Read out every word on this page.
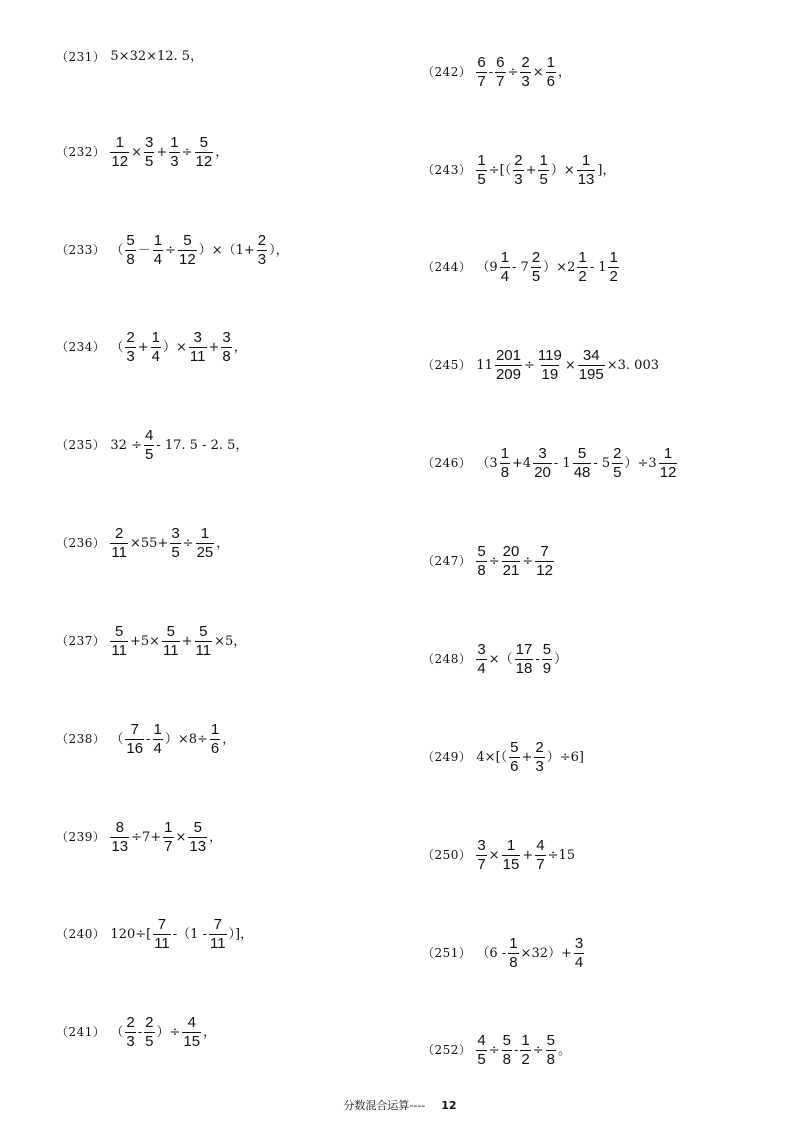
（231） 5×32×12. 5，
$(232) \frac{1}{12} \times \frac{3}{5} + \frac{1}{3} \div \frac{5}{12}$ ，
（233） （ $\frac{5}{8} - \frac{1}{4} \div \frac{5}{12} )\times(1+ \frac{2}{3}$ ），
（234） （ $\frac{2}{3} + \frac{1}{4}$ ）× $\frac{3}{11} + \frac{3}{8}$ ，
（235） $32 \div \frac{4}{5} - 17$. 5 - 2. 5，
$(236) \frac{2}{11} \times 55+ \frac{3}{5} \div \frac{1}{25}$ ，
$(237) \frac{5}{11} +5\times \frac{5}{11} + \frac{5}{11} \times 5$，
（238） （ $\frac{7}{16} - \frac{1}{4} )\times 8\div \frac{1}{6}$ ，
$(239) \frac{8}{13} \div 7+ \frac{1}{7} \times \frac{5}{13}$ ，
（240） $120\div[ \frac{7}{11} -(1 - \frac{7}{11}$ ）]，
（241） （ $\frac{2}{3} - \frac{2}{5}$ ）÷ $\frac{4}{15}$ ，
$(242) \frac{6}{7} - \frac{6}{7} \div \frac{2}{3} \times \frac{1}{6}$ ，
$(243) \frac{1}{5}$ ÷[（ $\frac{2}{3} + \frac{1}{5}$ ）× $\frac{1}{13}$ ]，
（244） $(9 \frac{1}{4} - 7 \frac{2}{5} )\times 2 \frac{1}{2} - 1 \frac{1}{2}$
（245） $11 \frac{201}{209} \div \frac{119}{19} \times \frac{34}{195} \times 3$. 003
（246） $(3 \frac{1}{8} +4 \frac{3}{20} - 1 \frac{5}{48} - 5 \frac{2}{5} )\div 3 \frac{1}{12}$
$(247) \frac{5}{8} \div \frac{20}{21} \div \frac{7}{12}$
$(248) \frac{3}{4}$ ×（ $\frac{17}{18} - \frac{5}{9}$ ）
（249） $4\times[( \frac{5}{6} + \frac{2}{3} )\div 6]$
$(250) \frac{3}{7} \times \frac{1}{15} + \frac{4}{7} \div 15$
（251） $(6 - \frac{1}{8} \times 32)+ \frac{3}{4}$
$(252) \frac{4}{5} \div \frac{5}{8} - \frac{1}{2} \div \frac{5}{8}$ 。
分数混合运算---- 12
